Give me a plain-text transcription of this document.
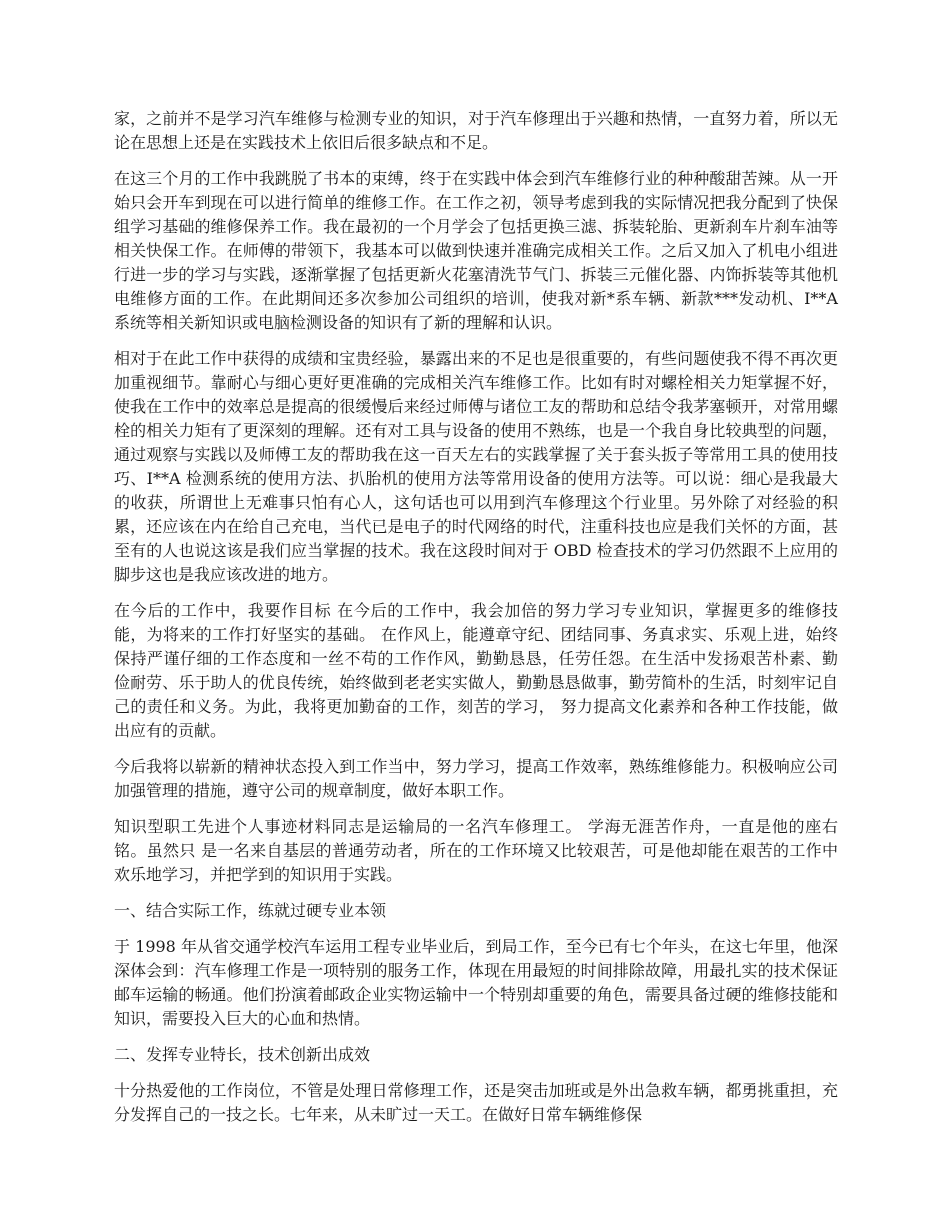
家，之前并不是学习汽车维修与检测专业的知识，对于汽车修理出于兴趣和热情，一直努力着，所以无论在思想上还是在实践技术上依旧后很多缺点和不足。

在这三个月的工作中我跳脱了书本的束缚，终于在实践中体会到汽车维修行业的种种酸甜苦辣。从一开始只会开车到现在可以进行简单的维修工作。在工作之初，领导考虑到我的实际情况把我分配到了快保组学习基础的维修保养工作。我在最初的一个月学会了包括更换三滤、拆装轮胎、更新刹车片刹车油等相关快保工作。在师傅的带领下，我基本可以做到快速并准确完成相关工作。之后又加入了机电小组进行进一步的学习与实践，逐渐掌握了包括更新火花塞清洗节气门、拆装三元催化器、内饰拆装等其他机电维修方面的工作。在此期间还多次参加公司组织的培训，使我对新*系车辆、新款***发动机、I**A 系统等相关新知识或电脑检测设备的知识有了新的理解和认识。

相对于在此工作中获得的成绩和宝贵经验，暴露出来的不足也是很重要的，有些问题使我不得不再次更加重视细节。靠耐心与细心更好更准确的完成相关汽车维修工作。比如有时对螺栓相关力矩掌握不好，使我在工作中的效率总是提高的很缓慢后来经过师傅与诸位工友的帮助和总结令我茅塞顿开，对常用螺栓的相关力矩有了更深刻的理解。还有对工具与设备的使用不熟练，也是一个我自身比较典型的问题，通过观察与实践以及师傅工友的帮助我在这一百天左右的实践掌握了关于套头扳子等常用工具的使用技巧、I**A 检测系统的使用方法、扒胎机的使用方法等常用设备的使用方法等。可以说：细心是我最大的收获，所谓世上无难事只怕有心人，这句话也可以用到汽车修理这个行业里。另外除了对经验的积累，还应该在内在给自己充电，当代已是电子的时代网络的时代，注重科技也应是我们关怀的方面，甚至有的人也说这该是我们应当掌握的技术。我在这段时间对于 OBD 检查技术的学习仍然跟不上应用的脚步这也是我应该改进的地方。

在今后的工作中，我要作目标 在今后的工作中，我会加倍的努力学习专业知识，掌握更多的维修技能，为将来的工作打好坚实的基础。 在作风上，能遵章守纪、团结同事、务真求实、乐观上进，始终保持严谨仔细的工作态度和一丝不苟的工作作风，勤勤恳恳，任劳任怨。在生活中发扬艰苦朴素、勤 俭耐劳、乐于助人的优良传统，始终做到老老实实做人，勤勤恳恳做事，勤劳简朴的生活，时刻牢记自己的责任和义务。为此，我将更加勤奋的工作，刻苦的学习， 努力提高文化素养和各种工作技能，做出应有的贡献。

今后我将以崭新的精神状态投入到工作当中，努力学习，提高工作效率，熟练维修能力。积极响应公司加强管理的措施，遵守公司的规章制度，做好本职工作。

知识型职工先进个人事迹材料同志是运输局的一名汽车修理工。 学海无涯苦作舟，一直是他的座右铭。虽然只 是一名来自基层的普通劳动者，所在的工作环境又比较艰苦，可是他却能在艰苦的工作中欢乐地学习，并把学到的知识用于实践。

一、结合实际工作，练就过硬专业本领

于 1998 年从省交通学校汽车运用工程专业毕业后，到局工作，至今已有七个年头，在这七年里，他深深体会到：汽车修理工作是一项特别的服务工作，体现在用最短的时间排除故障，用最扎实的技术保证邮车运输的畅通。他们扮演着邮政企业实物运输中一个特别却重要的角色，需要具备过硬的维修技能和知识，需要投入巨大的心血和热情。

二、发挥专业特长，技术创新出成效

十分热爱他的工作岗位，不管是处理日常修理工作，还是突击加班或是外出急救车辆，都勇挑重担，充分发挥自己的一技之长。七年来，从未旷过一天工。在做好日常车辆维修保
